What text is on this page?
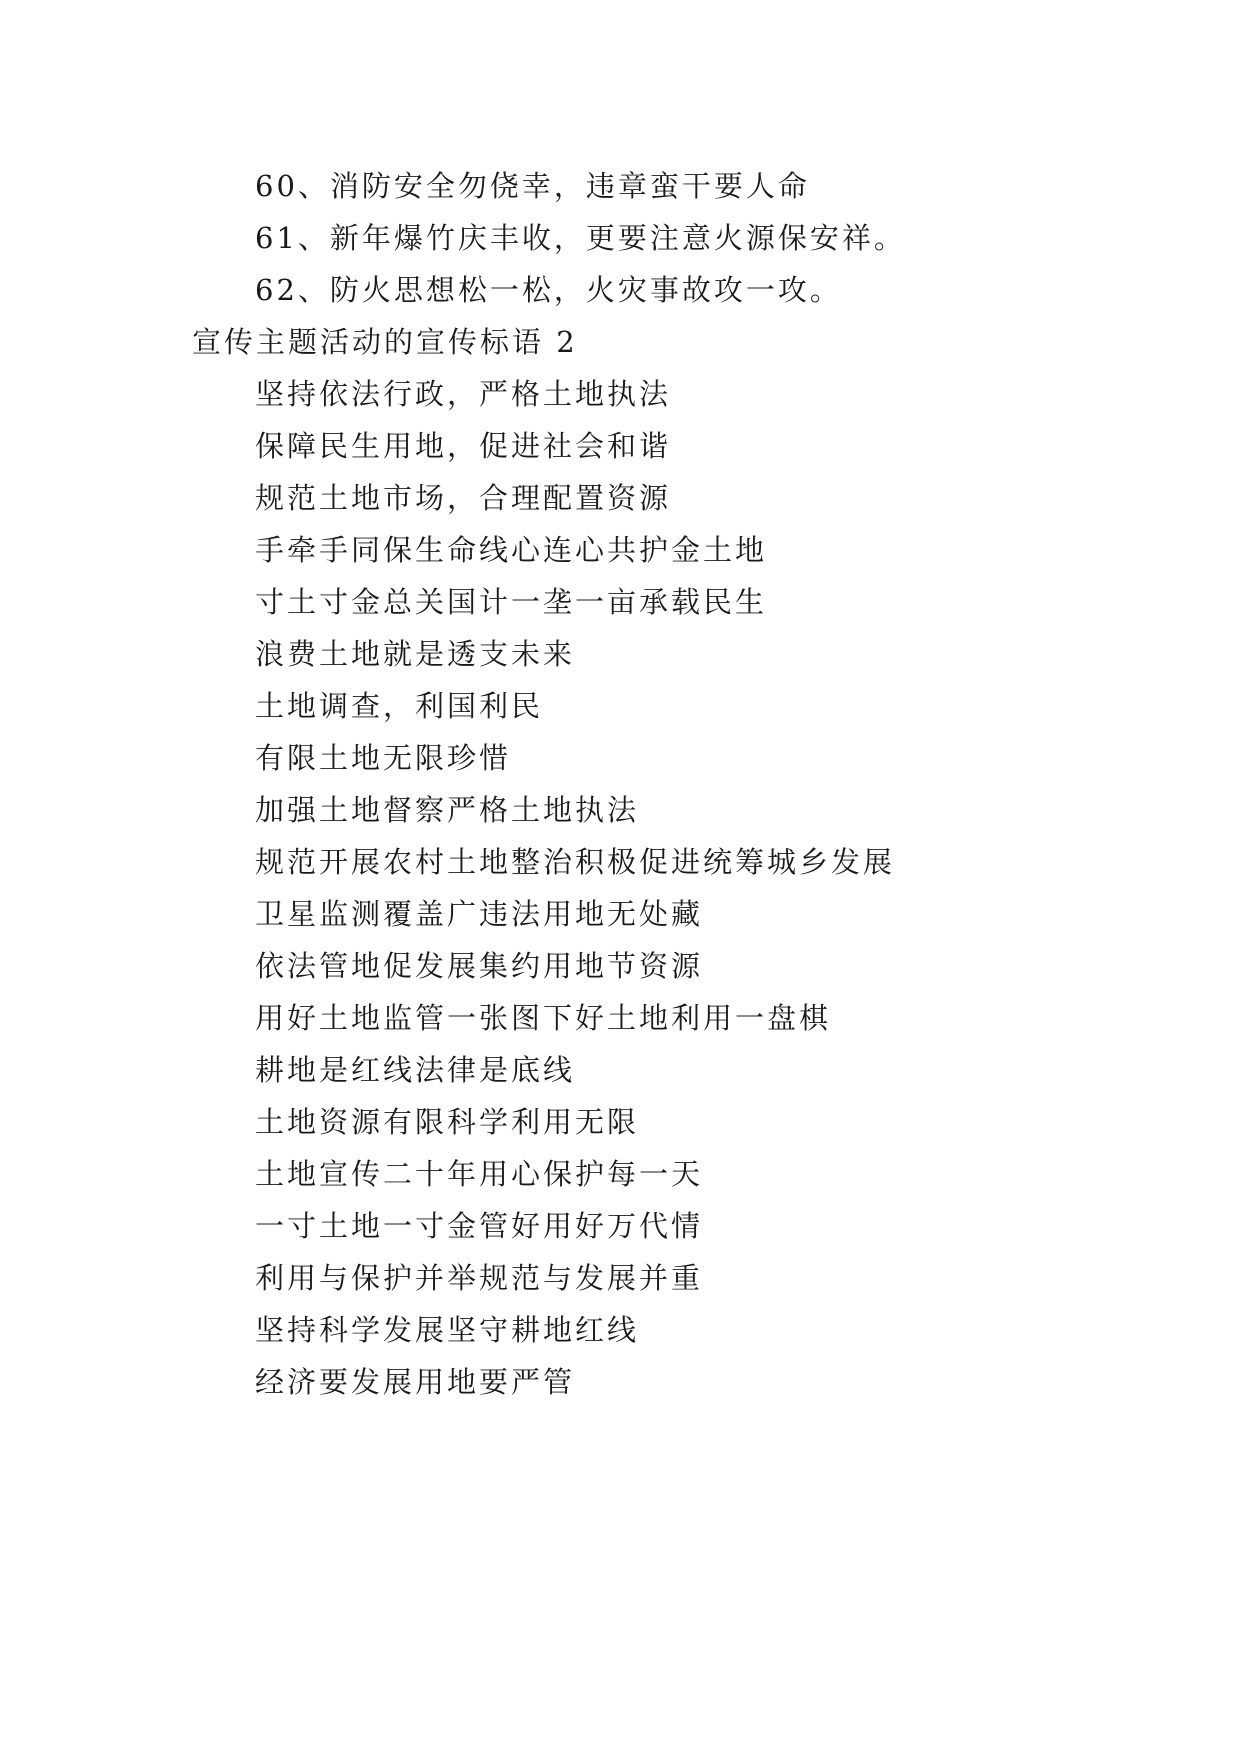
60、消防安全勿侥幸，违章蛮干要人命
61、新年爆竹庆丰收，更要注意火源保安祥。
62、防火思想松一松，火灾事故攻一攻。
宣传主题活动的宣传标语 2
坚持依法行政，严格土地执法
保障民生用地，促进社会和谐
规范土地市场，合理配置资源
手牵手同保生命线心连心共护金土地
寸土寸金总关国计一垄一亩承载民生
浪费土地就是透支未来
土地调查，利国利民
有限土地无限珍惜
加强土地督察严格土地执法
规范开展农村土地整治积极促进统筹城乡发展
卫星监测覆盖广违法用地无处藏
依法管地促发展集约用地节资源
用好土地监管一张图下好土地利用一盘棋
耕地是红线法律是底线
土地资源有限科学利用无限
土地宣传二十年用心保护每一天
一寸土地一寸金管好用好万代情
利用与保护并举规范与发展并重
坚持科学发展坚守耕地红线
经济要发展用地要严管
